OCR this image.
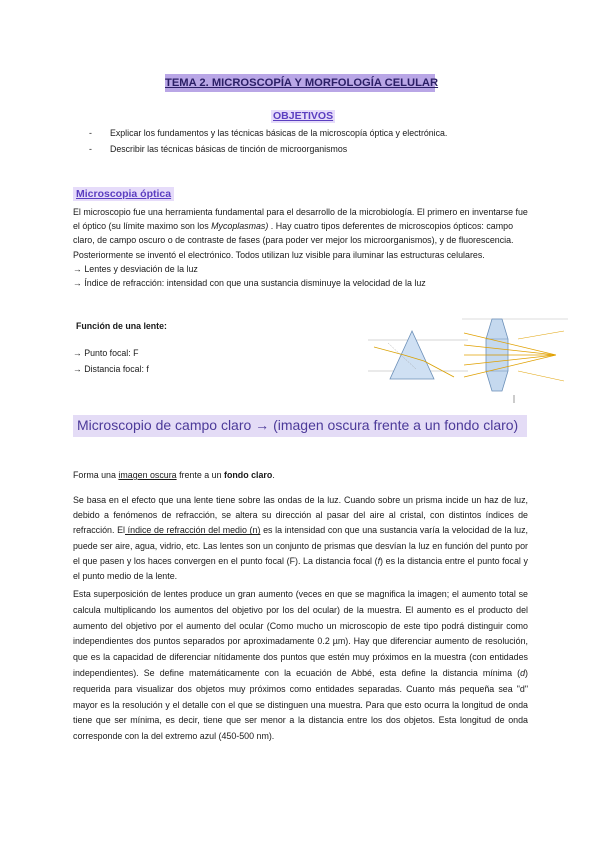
TEMA 2. MICROSCOPÍA Y MORFOLOGÍA CELULAR
OBJETIVOS
- Explicar los fundamentos y las técnicas básicas de la microscopía óptica y electrónica.
- Describir las técnicas básicas de tinción de microorganismos
Microscopia óptica

El microscopio fue una herramienta fundamental para el desarrollo de la microbiología. El primero en inventarse fue el óptico (su límite maximo son los Mycoplasmas) . Hay cuatro tipos deferentes de microscopios ópticos: campo claro, de campo oscuro o de contraste de fases (para poder ver mejor los microorganismos), y de fluorescencia. Posteriormente se inventó el electrónico. Todos utilizan luz visible para iluminar las estructuras celulares.

→ Lentes y desviación de la luz

→ Índice de refracción: intensidad con que una sustancia disminuye la velocidad de la luz

Función de una lente:
→ Punto focal: F
→ Distancia focal: f
Microscopio de campo claro → (imagen oscura frente a un fondo claro)

Forma una imagen oscura frente a un fondo claro.

Se basa en el efecto que una lente tiene sobre las ondas de la luz. Cuando sobre un prisma incide un haz de luz, debido a fenómenos de refracción, se altera su dirección al pasar del aire al cristal, con distintos índices de refracción. El índice de refracción del medio (n) es la intensidad con que una sustancia varía la velocidad de la luz, puede ser aire, agua, vidrio, etc. Las lentes son un conjunto de prismas que desvían la luz en función del punto por el que pasen y los haces convergen en el punto focal (F). La distancia focal (f) es la distancia entre el punto focal y el punto medio de la lente.

Esta superposición de lentes produce un gran aumento (veces en que se magnifica la imagen; el aumento total se calcula multiplicando los aumentos del objetivo por los del ocular) de la muestra. El aumento es el producto del aumento del objetivo por el aumento del ocular (Como mucho un microscopio de este tipo podrá distinguir como independientes dos puntos separados por aproximadamente 0.2 µm). Hay que diferenciar aumento de resolución, que es la capacidad de diferenciar nítidamente dos puntos que estén muy próximos en la muestra (con entidades independientes). Se define matemáticamente con la ecuación de Abbé, esta define la distancia mínima (d) requerida para visualizar dos objetos muy próximos como entidades separadas. Cuanto más pequeña sea "d" mayor es la resolución y el detalle con el que se distinguen una muestra. Para que esto ocurra la longitud de onda tiene que ser mínima, es decir, tiene que ser menor a la distancia entre los dos objetos. Esta longitud de onda corresponde con la del extremo azul (450-500 nm).
